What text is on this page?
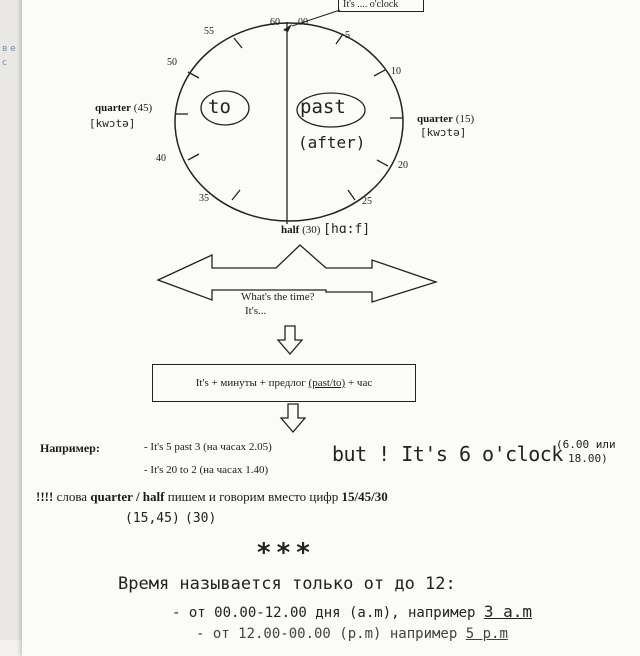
в е
с
It's .... o'clock
60 00
5
10
20
25
35
40
50
55
quarter (45)
[kwɔtə]	quarter (15)
[kwɔtə]
half (30) [hɑ:f]
to	past
(after)
What's the time?
It's...
It's + минуты + предлог (past/to) + час
Например:	- It's 5 past 3 (на часах 2.05)
- It's 20 to 2 (на часах 1.40)
but ! It's 6 o'clock
(6.00 или
18.00)
!!!! слова quarter / half пишем и говорим вместо цифр 15/45/30
(15,45) (30)
***
Время называется только от до 12:
- от 00.00-12.00 дня (a.m), например 3 a.m
- от 12.00-00.00 (p.m) например 5 p.m
